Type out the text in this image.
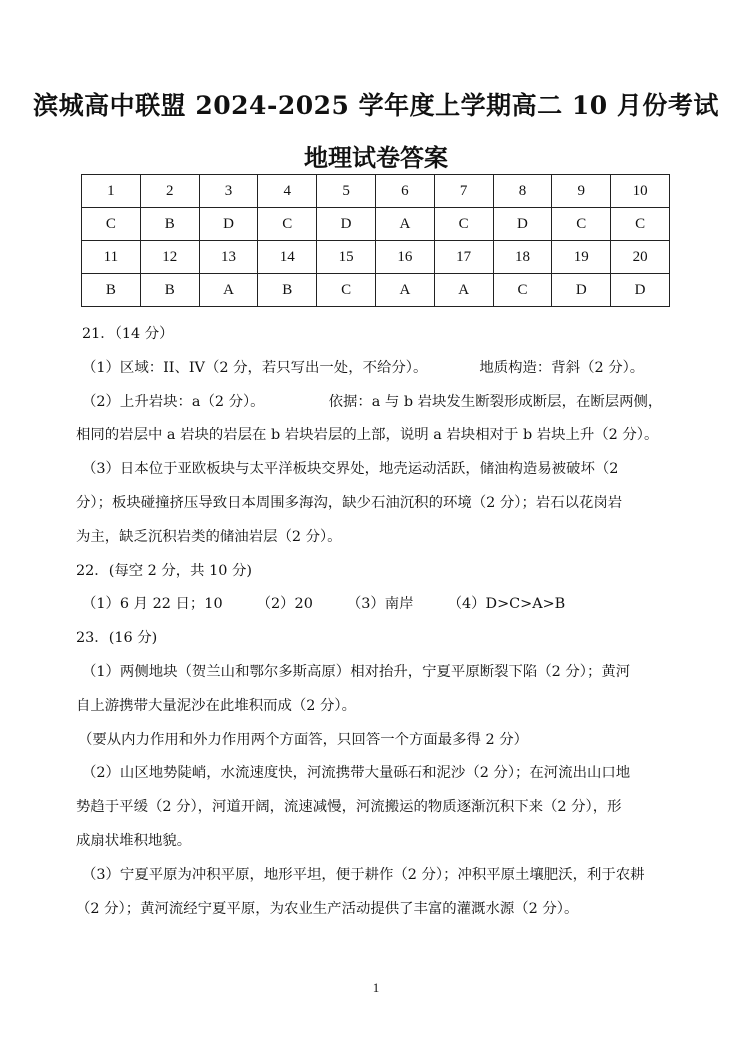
滨城高中联盟 2024-2025 学年度上学期高二 10 月份考试
地理试卷答案
1	2	3	4	5	6	7	8	9	10
C	B	D	C	D	A	C	D	C	C
11	12	13	14	15	16	17	18	19	20
B	B	A	B	C	A	A	C	D	D

21．（14 分）

（1）区域：II、IV（2 分，若只写出一处，不给分）。	地质构造：背斜（2 分）。

（2）上升岩块：a（2 分）。	依据：a 与 b 岩块发生断裂形成断层，在断层两侧，

相同的岩层中 a 岩块的岩层在 b 岩块岩层的上部，说明 a 岩块相对于 b 岩块上升（2 分）。

（3）日本位于亚欧板块与太平洋板块交界处，地壳运动活跃，储油构造易被破坏（2

分）；板块碰撞挤压导致日本周围多海沟，缺少石油沉积的环境（2 分）；岩石以花岗岩

为主，缺乏沉积岩类的储油岩层（2 分）。

22．(每空 2 分，共 10 分)

（1）6 月 22 日；10 （2）20 （3）南岸 （4）D>C>A>B

23．(16 分)

（1）两侧地块（贺兰山和鄂尔多斯高原）相对抬升，宁夏平原断裂下陷（2 分）；黄河

自上游携带大量泥沙在此堆积而成（2 分）。

（要从内力作用和外力作用两个方面答，只回答一个方面最多得 2 分）

（2）山区地势陡峭，水流速度快，河流携带大量砾石和泥沙（2 分）；在河流出山口地

势趋于平缓（2 分），河道开阔，流速减慢，河流搬运的物质逐渐沉积下来（2 分），形

成扇状堆积地貌。

（3）宁夏平原为冲积平原，地形平坦，便于耕作（2 分）；冲积平原土壤肥沃，利于农耕

（2 分）；黄河流经宁夏平原，为农业生产活动提供了丰富的灌溉水源（2 分）。

1
